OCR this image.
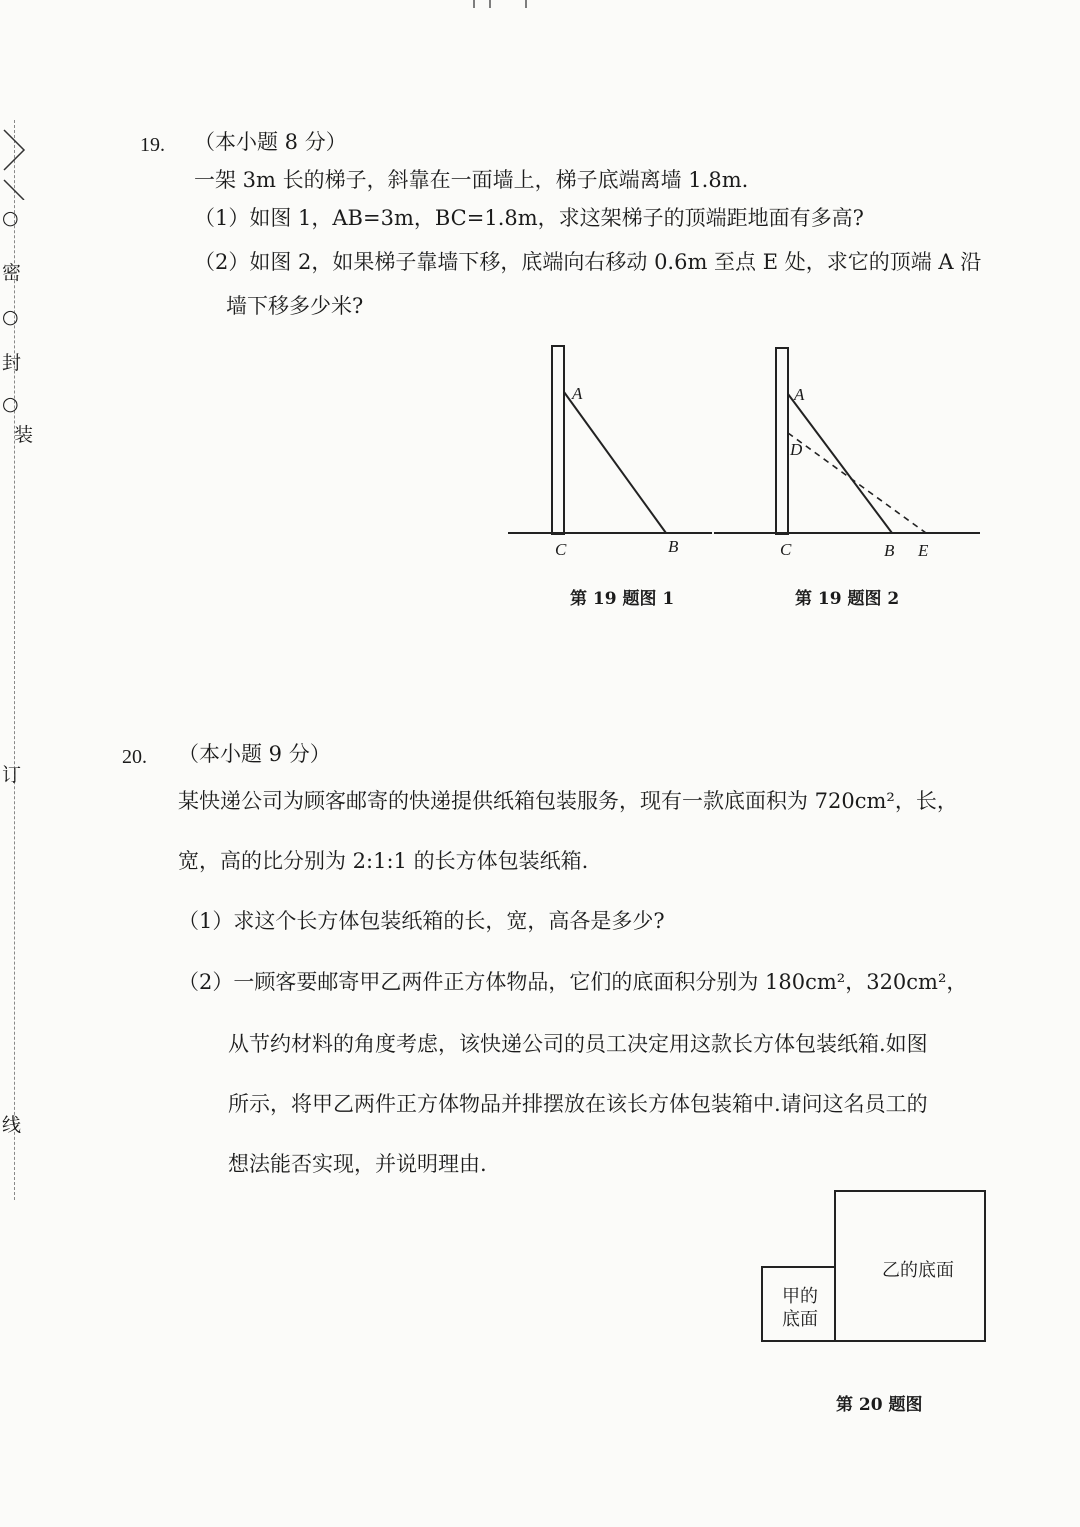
○
密
○
封
○
装
订
线
19. （本小题 8 分）
一架 3m 长的梯子，斜靠在一面墙上，梯子底端离墙 1.8m.
（1）如图 1，AB=3m，BC=1.8m，求这架梯子的顶端距地面有多高?
（2）如图 2，如果梯子靠墙下移，底端向右移动 0.6m 至点 E 处，求它的顶端 A 沿
墙下移多少米?
A
C	B
第 19 题图 1
A
D
C	B E
第 19 题图 2
20. （本小题 9 分）
某快递公司为顾客邮寄的快递提供纸箱包装服务，现有一款底面积为 720cm²，长，
宽，高的比分别为 2:1:1 的长方体包装纸箱.
（1）求这个长方体包装纸箱的长，宽，高各是多少?
（2）一顾客要邮寄甲乙两件正方体物品，它们的底面积分别为 180cm²，320cm²，
从节约材料的角度考虑，该快递公司的员工决定用这款长方体包装纸箱.如图
所示，将甲乙两件正方体物品并排摆放在该长方体包装箱中.请问这名员工的
想法能否实现，并说明理由.
甲的
底面
乙的底面
第 20 题图
